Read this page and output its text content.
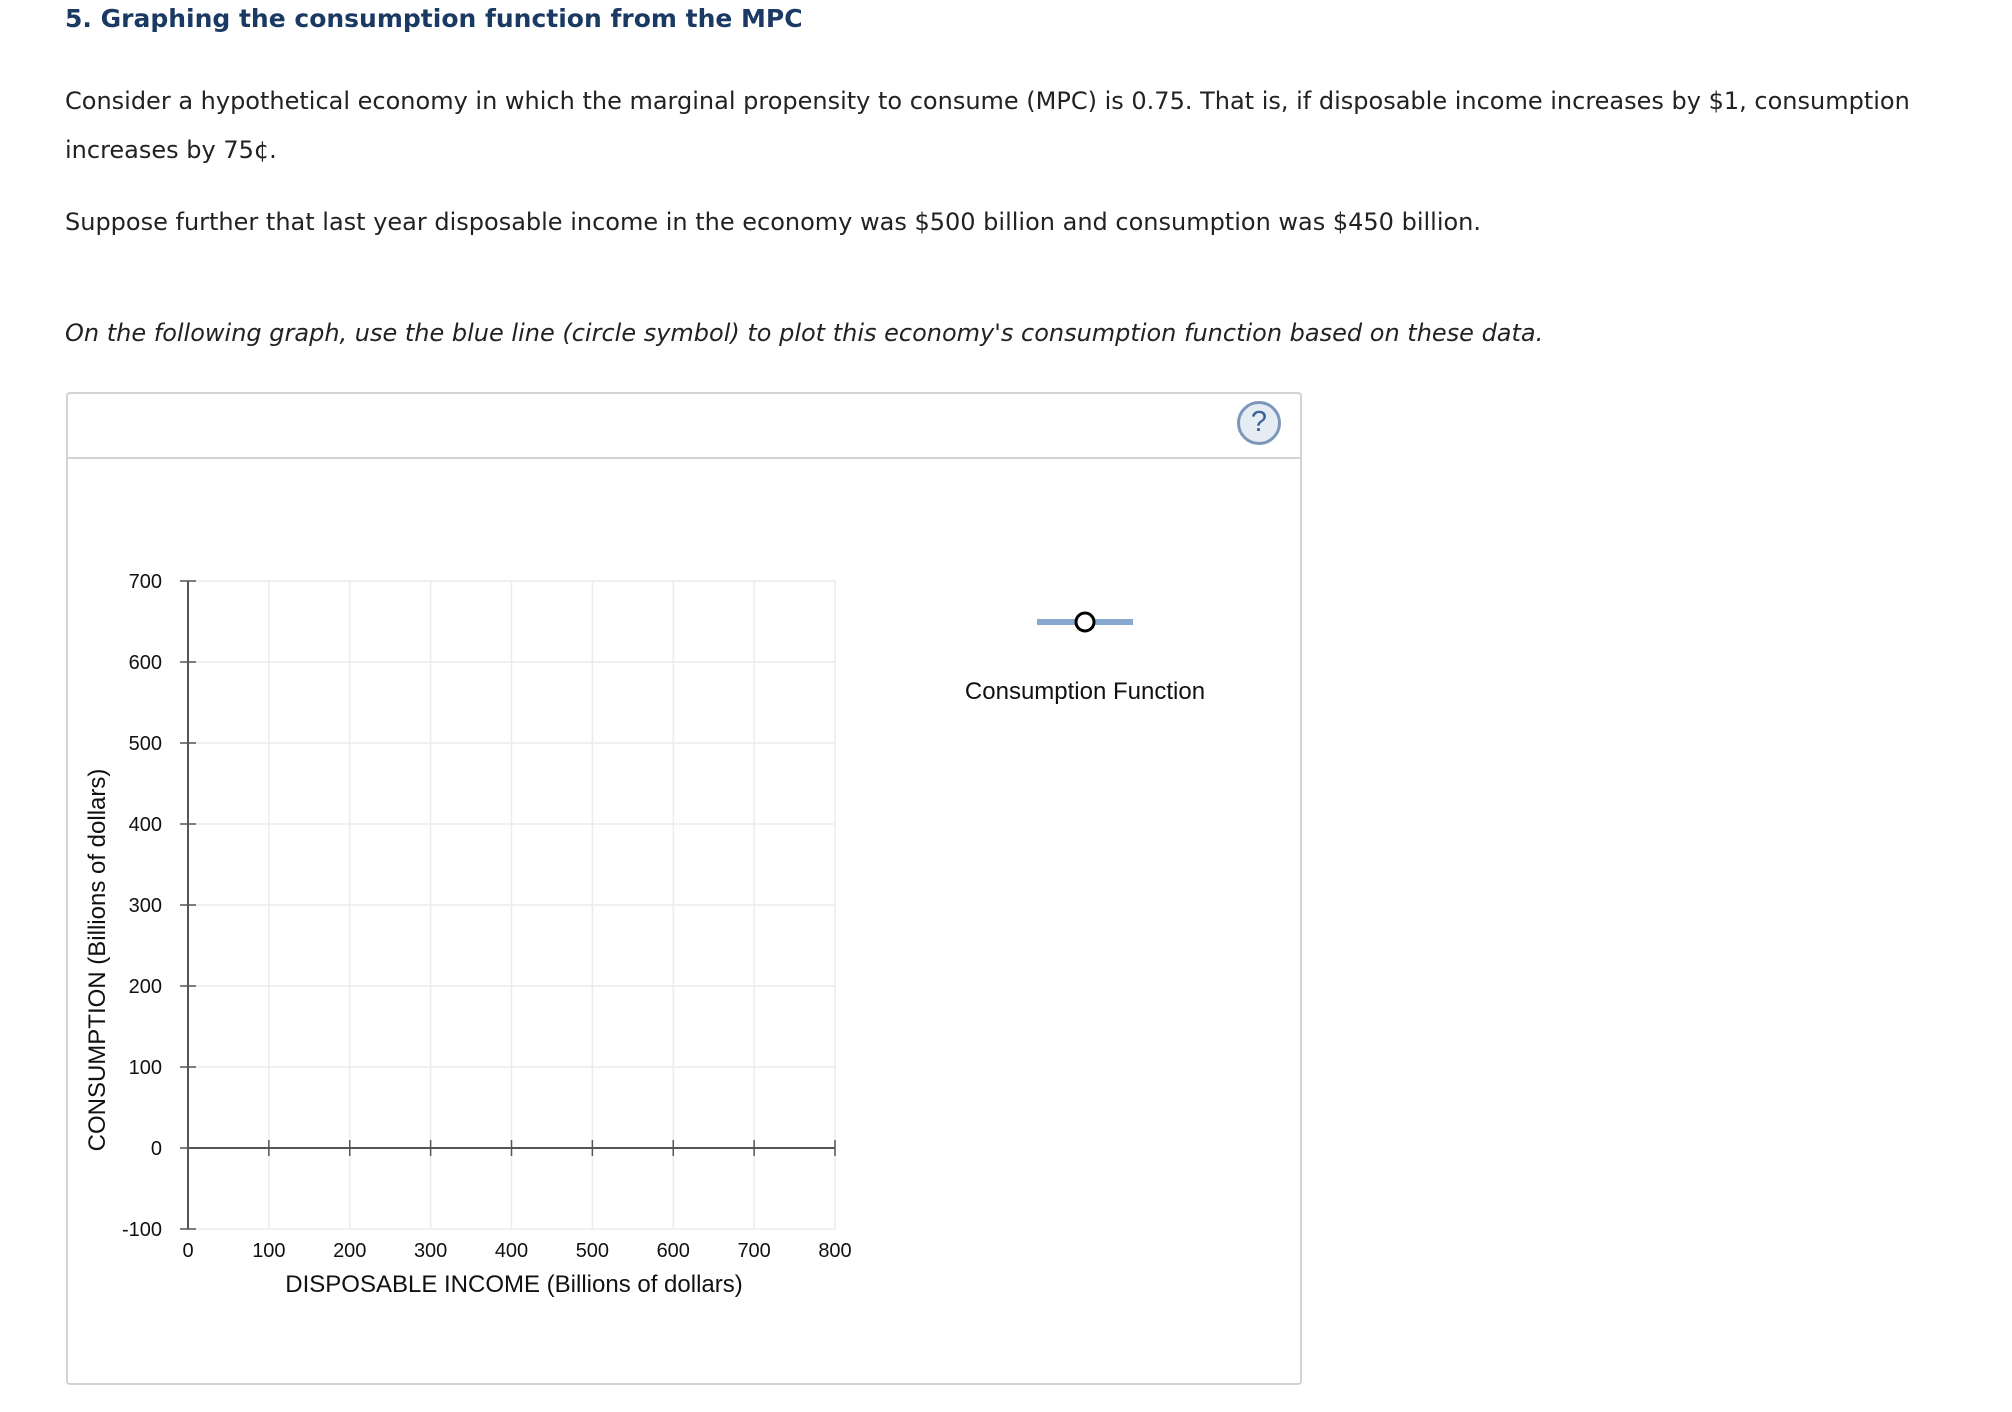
5. Graphing the consumption function from the MPC

Consider a hypothetical economy in which the marginal propensity to consume (MPC) is 0.75. That is, if disposable income increases by $1, consumption increases by 75¢.

Suppose further that last year disposable income in the economy was $500 billion and consumption was $450 billion.

On the following graph, use the blue line (circle symbol) to plot this economy's consumption function based on these data.

?
700
600
500
400
300
200
100
0
-100
0	100 200 300 400 500 600 700 800
DISPOSABLE INCOME (Billions of dollars)
CONSUMPTION (Billions of dollars)
Consumption Function
